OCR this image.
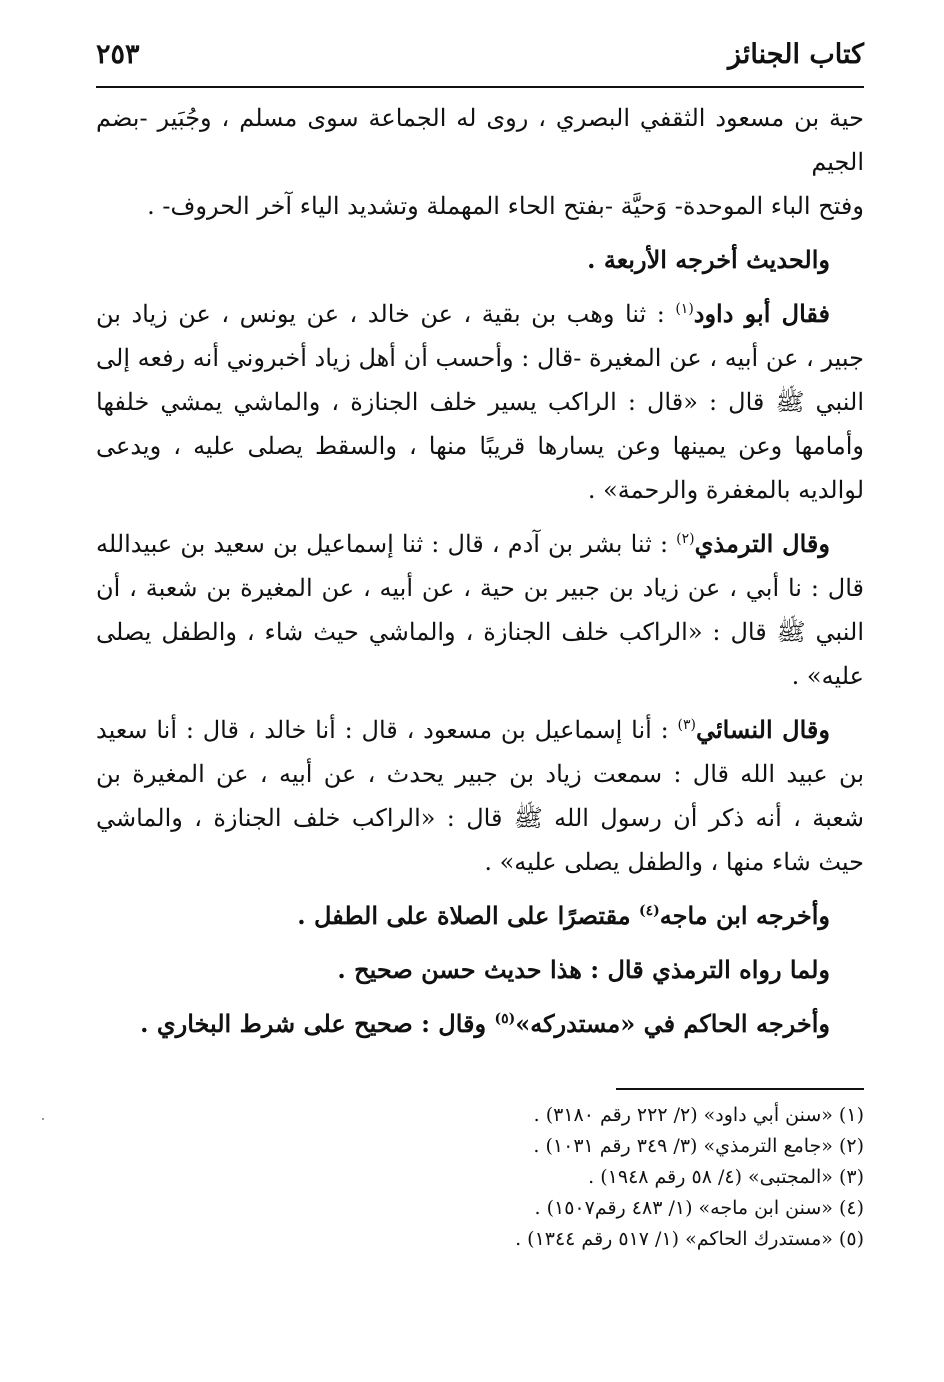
كتاب الجنائز
٢٥٣

حية بن مسعود الثقفي البصري ، روى له الجماعة سوى مسلم ، وجُبَير -بضم الجيم

وفتح الباء الموحدة- وَحيَّة -بفتح الحاء المهملة وتشديد الياء آخر الحروف- .

والحديث أخرجه الأربعة .

فقال أبو داود$^{(١)}$ : ثنا وهب بن بقية ، عن خالد ، عن يونس ، عن زياد بن جبير ، عن أبيه ، عن المغيرة -قال : وأحسب أن أهل زياد أخبروني أنه رفعه إلى النبي ﷺ قال : «قال : الراكب يسير خلف الجنازة ، والماشي يمشي خلفها وأمامها وعن يمينها وعن يسارها قريبًا منها ، والسقط يصلى عليه ، ويدعى لوالديه بالمغفرة والرحمة» .

وقال الترمذي$^{(٢)}$ : ثنا بشر بن آدم ، قال : ثنا إسماعيل بن سعيد بن عبيدالله قال : نا أبي ، عن زياد بن جبير بن حية ، عن أبيه ، عن المغيرة بن شعبة ، أن النبي ﷺ قال : «الراكب خلف الجنازة ، والماشي حيث شاء ، والطفل يصلى عليه» .

وقال النسائي$^{(٣)}$ : أنا إسماعيل بن مسعود ، قال : أنا خالد ، قال : أنا سعيد بن عبيد الله قال : سمعت زياد بن جبير يحدث ، عن أبيه ، عن المغيرة بن شعبة ، أنه ذكر أن رسول الله ﷺ قال : «الراكب خلف الجنازة ، والماشي حيث شاء منها ، والطفل يصلى عليه» .

وأخرجه ابن ماجه$^{(٤)}$ مقتصرًا على الصلاة على الطفل .

ولما رواه الترمذي قال : هذا حديث حسن صحيح .

وأخرجه الحاكم في «مستدركه»$^{(٥)}$ وقال : صحيح على شرط البخاري .

(١) «سنن أبي داود» (٢/ ٢٢٢ رقم ٣١٨٠) .
(٢) «جامع الترمذي» (٣/ ٣٤٩ رقم ١٠٣١) .
(٣) «المجتبى» (٤/ ٥٨ رقم ١٩٤٨) .
(٤) «سنن ابن ماجه» (١/ ٤٨٣ رقم١٥٠٧) .
(٥) «مستدرك الحاكم» (١/ ٥١٧ رقم ١٣٤٤) .
